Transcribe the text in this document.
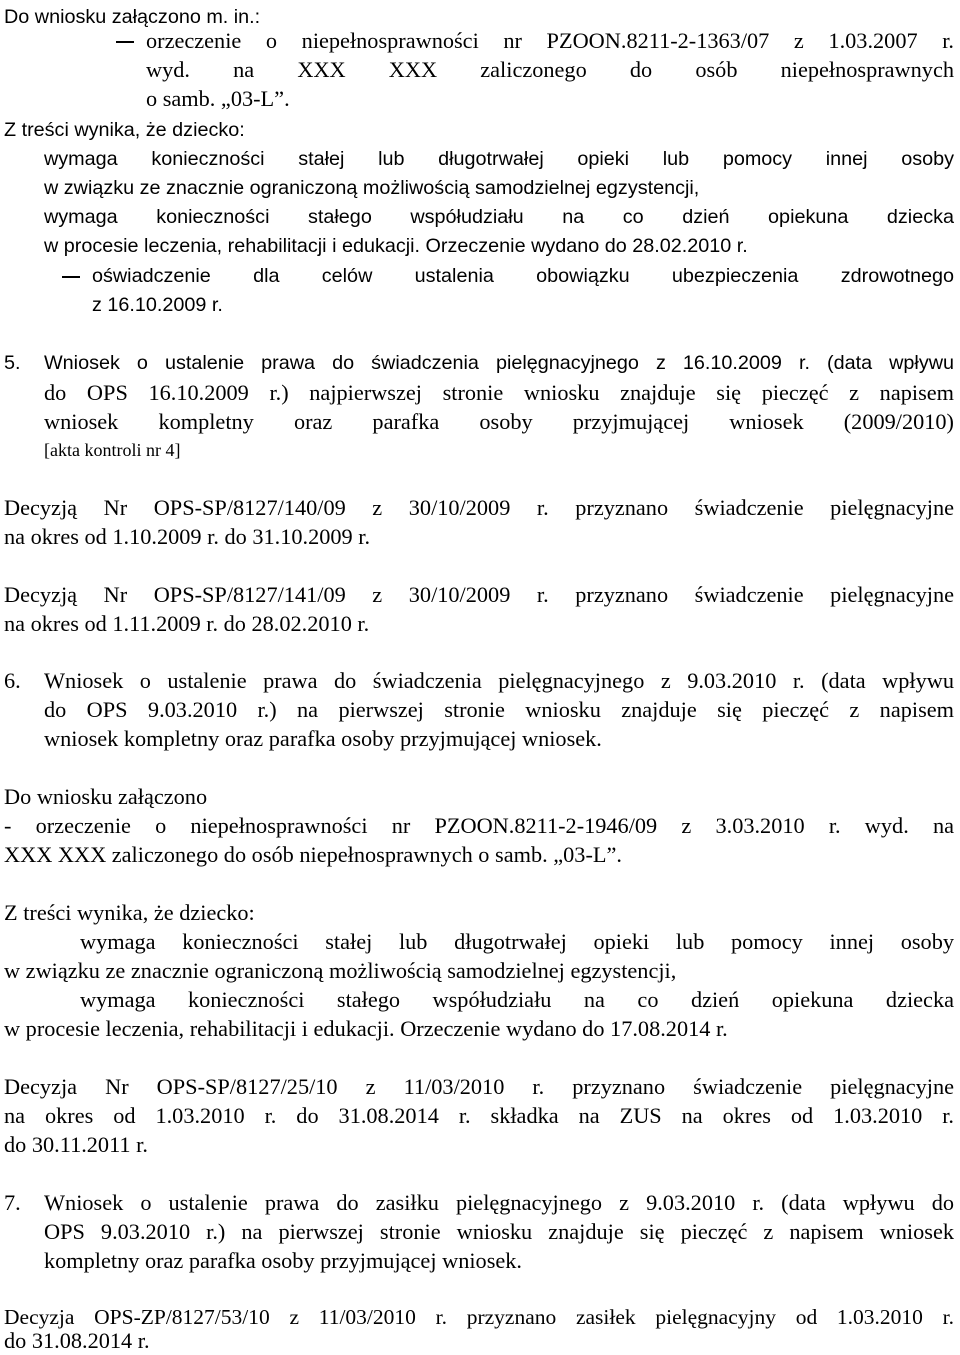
Do wniosku załączono m. in.:
orzeczenie o niepełnosprawności nr PZOON.8211-2-1363/07 z 1.03.2007 r.
wyd. na XXX XXX zaliczonego do osób niepełnosprawnych
o samb. „03-L”.
Z treści wynika, że dziecko:
wymaga konieczności stałej lub długotrwałej opieki lub pomocy innej osoby
w związku ze znacznie ograniczoną możliwością samodzielnej egzystencji,
wymaga konieczności stałego współudziału na co dzień opiekuna dziecka
w procesie leczenia, rehabilitacji i edukacji. Orzeczenie wydano do 28.02.2010 r.
oświadczenie dla celów ustalenia obowiązku ubezpieczenia zdrowotnego
z 16.10.2009 r.
5. Wniosek o ustalenie prawa do świadczenia pielęgnacyjnego z 16.10.2009 r. (data wpływu
do OPS 16.10.2009 r.) najpierwszej stronie wniosku znajduje się pieczęć z napisem
wniosek kompletny oraz parafka osoby przyjmującej wniosek (2009/2010)
[akta kontroli nr 4]
Decyzją Nr OPS-SP/8127/140/09 z 30/10/2009 r. przyznano świadczenie pielęgnacyjne
na okres od 1.10.2009 r. do 31.10.2009 r.
Decyzją Nr OPS-SP/8127/141/09 z 30/10/2009 r. przyznano świadczenie pielęgnacyjne
na okres od 1.11.2009 r. do 28.02.2010 r.
6. Wniosek o ustalenie prawa do świadczenia pielęgnacyjnego z 9.03.2010 r. (data wpływu
do OPS 9.03.2010 r.) na pierwszej stronie wniosku znajduje się pieczęć z napisem
wniosek kompletny oraz parafka osoby przyjmującej wniosek.
Do wniosku załączono
- orzeczenie o niepełnosprawności nr PZOON.8211-2-1946/09 z 3.03.2010 r. wyd. na
XXX XXX zaliczonego do osób niepełnosprawnych o samb. „03-L”.
Z treści wynika, że dziecko:
wymaga konieczności stałej lub długotrwałej opieki lub pomocy innej osoby
w związku ze znacznie ograniczoną możliwością samodzielnej egzystencji,
wymaga konieczności stałego współudziału na co dzień opiekuna dziecka
w procesie leczenia, rehabilitacji i edukacji. Orzeczenie wydano do 17.08.2014 r.
Decyzja Nr OPS-SP/8127/25/10 z 11/03/2010 r. przyznano świadczenie pielęgnacyjne
na okres od 1.03.2010 r. do 31.08.2014 r. składka na ZUS na okres od 1.03.2010 r.
do 30.11.2011 r.
7. Wniosek o ustalenie prawa do zasiłku pielęgnacyjnego z 9.03.2010 r. (data wpływu do
OPS 9.03.2010 r.) na pierwszej stronie wniosku znajduje się pieczęć z napisem wniosek
kompletny oraz parafka osoby przyjmującej wniosek.
Decyzja OPS-ZP/8127/53/10 z 11/03/2010 r. przyznano zasiłek pielęgnacyjny od 1.03.2010 r.
do 31.08.2014 r.
